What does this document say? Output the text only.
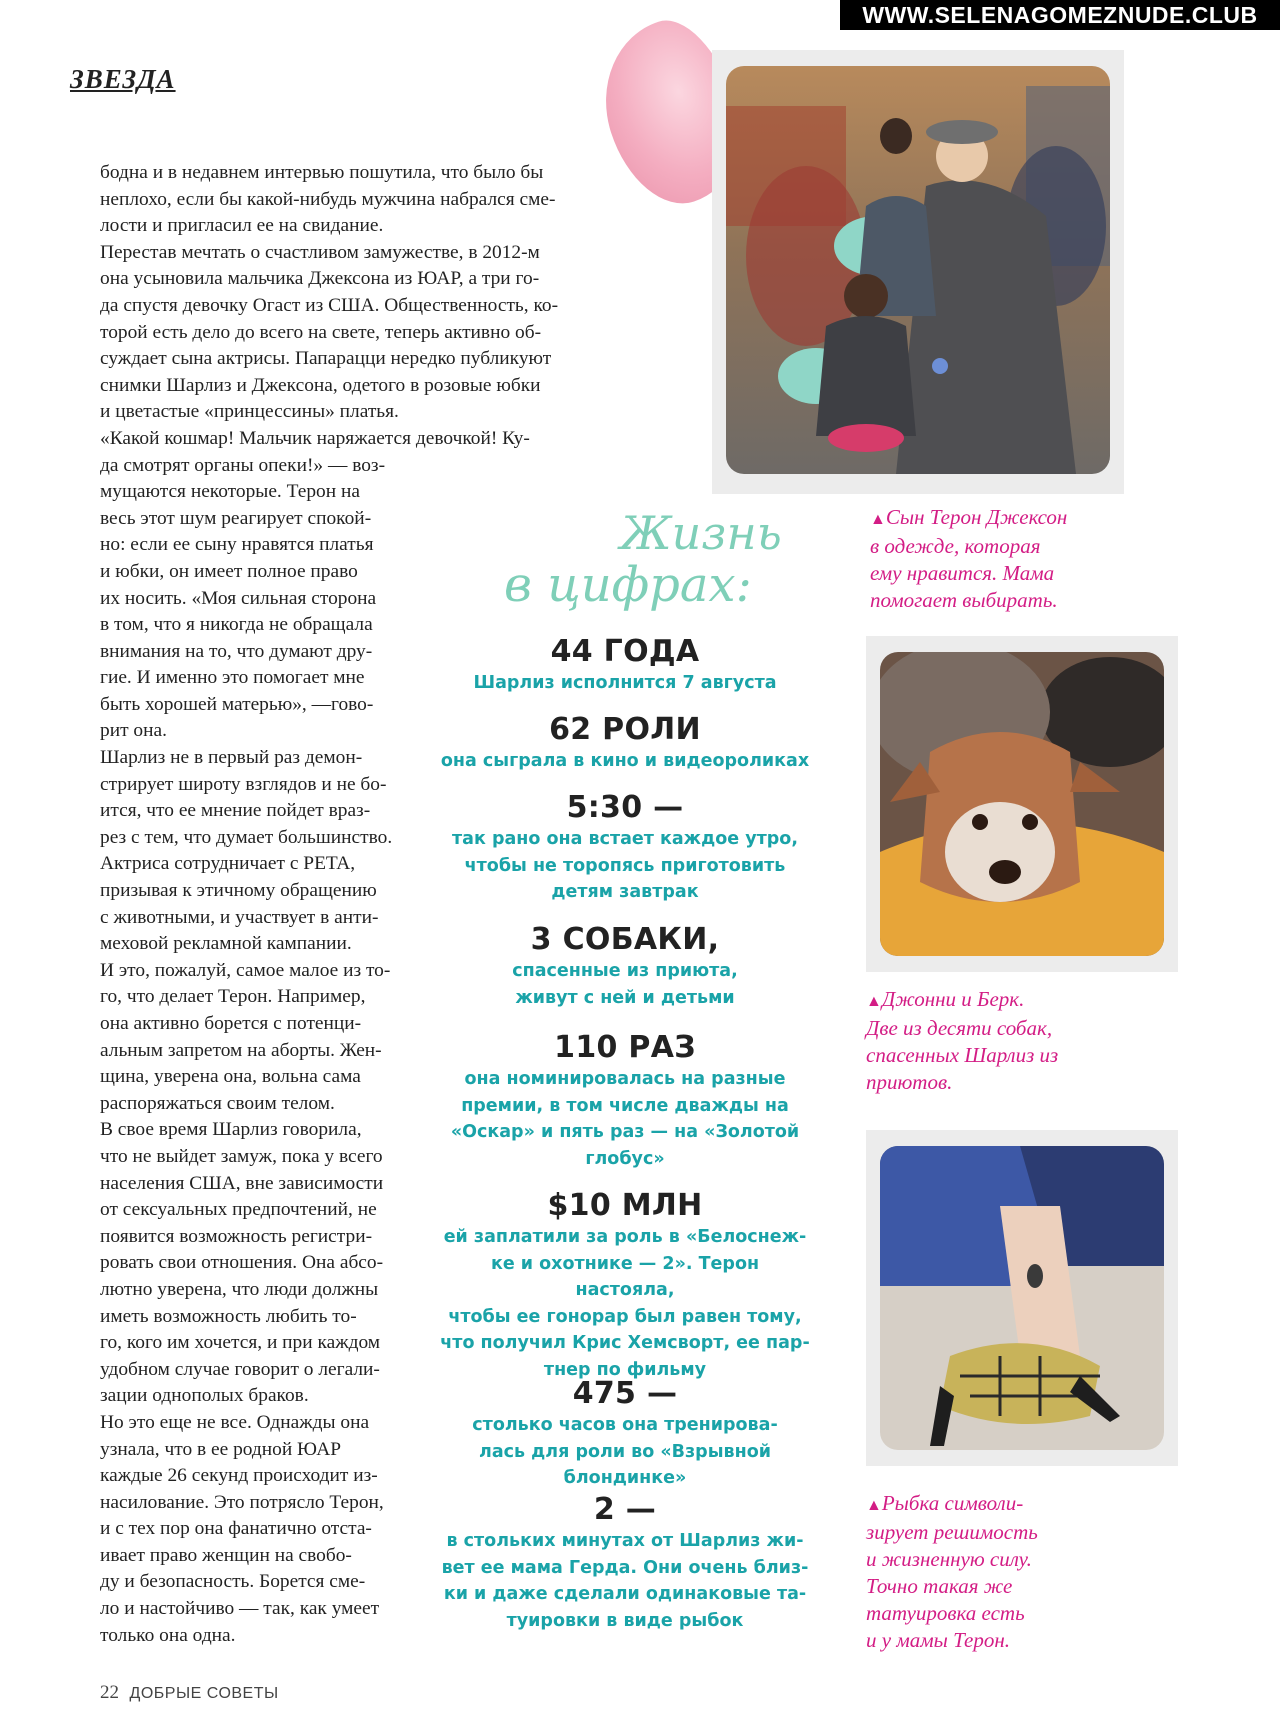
WWW.SELENAGOMEZNUDE.CLUB
ЗВЕЗДА

бодна и в недавнем интервью пошутила, что было бы

неплохо, если бы какой-нибудь мужчина набрался сме-

лости и пригласил ее на свидание.

Перестав мечтать о счастливом замужестве, в 2012-м

она усыновила мальчика Джексона из ЮАР, а три го-

да спустя девочку Огаст из США. Общественность, ко-

торой есть дело до всего на свете, теперь активно об-

суждает сына актрисы. Папарацци нередко публикуют

снимки Шарлиз и Джексона, одетого в розовые юбки

и цветастые «принцессины» платья.

«Какой кошмар! Мальчик наряжается девочкой! Ку-

да смотрят органы опеки!» — воз-

мущаются некоторые. Терон на

весь этот шум реагирует спокой-

но: если ее сыну нравятся платья

и юбки, он имеет полное право

их носить. «Моя сильная сторона

в том, что я никогда не обращала

внимания на то, что думают дру-

гие. И именно это помогает мне

быть хорошей матерью», —гово-

рит она.

Шарлиз не в первый раз демон-

стрирует широту взглядов и не бо-

ится, что ее мнение пойдет враз-

рез с тем, что думает большинство.

Актриса сотрудничает с PETA,

призывая к этичному обращению

с животными, и участвует в анти-

меховой рекламной кампании.

И это, пожалуй, самое малое из то-

го, что делает Терон. Например,

она активно борется с потенци-

альным запретом на аборты. Жен-

щина, уверена она, вольна сама

распоряжаться своим телом.

В свое время Шарлиз говорила,

что не выйдет замуж, пока у всего

населения США, вне зависимости

от сексуальных предпочтений, не

появится возможность регистри-

ровать свои отношения. Она абсо-

лютно уверена, что люди должны

иметь возможность любить то-

го, кого им хочется, и при каждом

удобном случае говорит о легали-

зации однополых браков.

Но это еще не все. Однажды она

узнала, что в ее родной ЮАР

каждые 26 секунд происходит из-

насилование. Это потрясло Терон,

и с тех пор она фанатично отста-

ивает право женщин на свобо-

ду и безопасность. Борется сме-

ло и настойчиво — так, как умеет

только она одна.

▲Сын Терон Джексон
в одежде, которая
ему нравится. Мама
помогает выбирать.
▲Джонни и Берк.
Две из десяти собак,
спасенных Шарлиз из
приютов.
▲Рыбка символи-
зирует решимость
и жизненную силу.
Точно такая же
татуировка есть
и у мамы Терон.
Жизнь
в цифрах:
44 ГОДА
Шарлиз исполнится 7 августа
62 РОЛИ
она сыграла в кино и видеороликах
5:30 —
так рано она встает каждое утро,
чтобы не торопясь приготовить
детям завтрак
3 СОБАКИ,
спасенные из приюта,
живут с ней и детьми
110 РАЗ
она номинировалась на разные
премии, в том числе дважды на
«Оскар» и пять раз — на «Золотой
глобус»
$10 МЛН
ей заплатили за роль в «Белоснеж-
ке и охотнике — 2». Терон настояла,
чтобы ее гонорар был равен тому,
что получил Крис Хемсворт, ее пар-
тнер по фильму
475 —
столько часов она тренирова-
лась для роли во «Взрывной
блондинке»
2 —
в стольких минутах от Шарлиз жи-
вет ее мама Герда. Они очень близ-
ки и даже сделали одинаковые та-
туировки в виде рыбок
22 ДОБРЫЕ СОВЕТЫ
